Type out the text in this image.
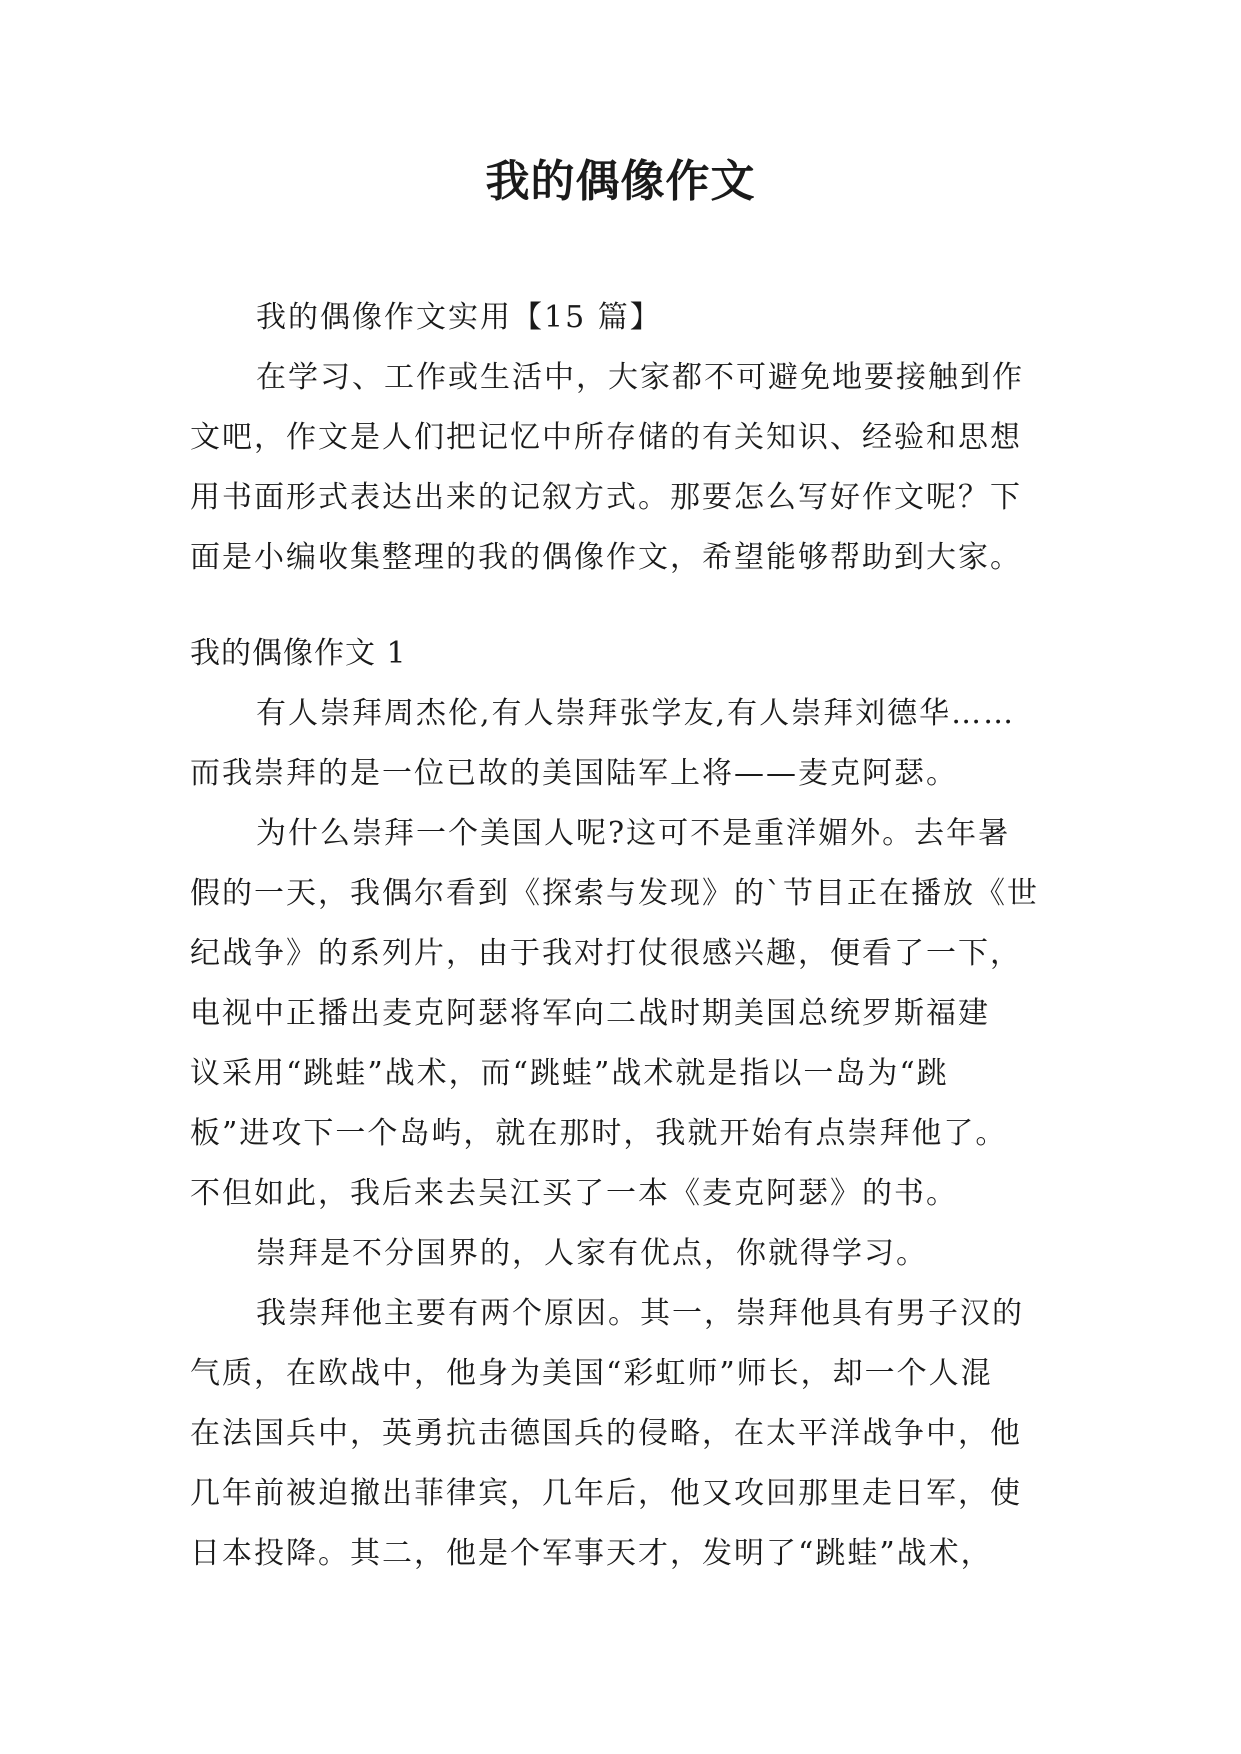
我的偶像作文
我的偶像作文实用【15 篇】
在学习、工作或生活中，大家都不可避免地要接触到作
文吧，作文是人们把记忆中所存储的有关知识、经验和思想
用书面形式表达出来的记叙方式。那要怎么写好作文呢？下
面是小编收集整理的我的偶像作文，希望能够帮助到大家。
我的偶像作文 1
有人崇拜周杰伦,有人崇拜张学友,有人崇拜刘德华……
而我崇拜的是一位已故的美国陆军上将——麦克阿瑟。
为什么崇拜一个美国人呢?这可不是重洋媚外。去年暑
假的一天，我偶尔看到《探索与发现》的`节目正在播放《世
纪战争》的系列片，由于我对打仗很感兴趣，便看了一下，
电视中正播出麦克阿瑟将军向二战时期美国总统罗斯福建
议采用“跳蛙”战术，而“跳蛙”战术就是指以一岛为“跳
板”进攻下一个岛屿，就在那时，我就开始有点崇拜他了。
不但如此，我后来去吴江买了一本《麦克阿瑟》的书。
崇拜是不分国界的，人家有优点，你就得学习。
我崇拜他主要有两个原因。其一，崇拜他具有男子汉的
气质，在欧战中，他身为美国“彩虹师”师长，却一个人混
在法国兵中，英勇抗击德国兵的侵略，在太平洋战争中，他
几年前被迫撤出菲律宾，几年后，他又攻回那里走日军，使
日本投降。其二，他是个军事天才，发明了“跳蛙”战术，
